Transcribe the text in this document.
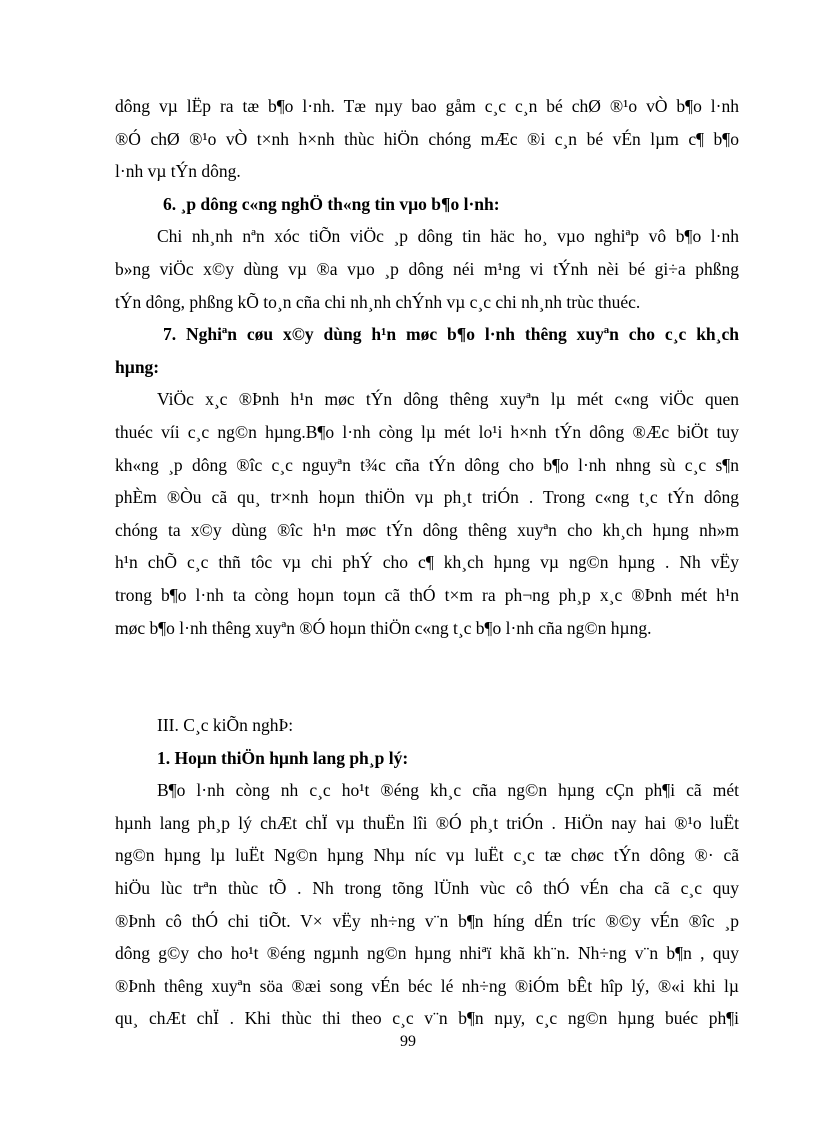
dông vµ lËp ra tæ b¶o l·nh. Tæ nµy bao gåm c¸c c¸n bé chØ ®¹o vÒ b¶o l·nh
®Ó chØ ®¹o vÒ t×nh h×nh thùc hiÖn chóng mÆc ®i c¸n bé vÉn lµm c¶ b¶o
l·nh vµ tÝn dông.

6. ¸p dông c«ng nghÖ th«ng tin vµo b¶o l·nh:

Chi nh¸nh nªn xóc tiÕn viÖc ¸p dông tin häc ho¸ vµo nghiªp vô b¶o l·nh
b»ng viÖc x©y dùng vµ ®a vµo ¸p dông néi m¹ng vi tÝnh nèi bé gi÷a phßng
tÝn dông, phßng kÕ to¸n cña chi nh¸nh chÝnh vµ c¸c chi nh¸nh trùc thuéc.

7. Nghiªn cøu x©y dùng h¹n møc b¶o l·nh thêng xuyªn cho c¸c kh¸ch
hµng:

ViÖc x¸c ®Þnh h¹n møc tÝn dông thêng xuyªn lµ mét c«ng viÖc quen
thuéc víi c¸c ng©n hµng.B¶o l·nh còng lµ mét lo¹i h×nh tÝn dông ®Æc biÖt tuy
kh«ng ¸p dông ®îc c¸c nguyªn t¾c cña tÝn dông cho b¶o l·nh nhng sù c¸c s¶n
phÈm ®Òu cã qu¸ tr×nh hoµn thiÖn vµ ph¸t triÓn . Trong c«ng t¸c tÝn dông
chóng ta x©y dùng ®îc h¹n møc tÝn dông thêng xuyªn cho kh¸ch hµng nh»m
h¹n chÕ c¸c thñ tôc vµ chi phÝ cho c¶ kh¸ch hµng vµ ng©n hµng . Nh vËy
trong b¶o l·nh ta còng hoµn toµn cã thÓ t×m ra ph¬ng ph¸p x¸c ®Þnh mét h¹n
møc b¶o l·nh thêng xuyªn ®Ó hoµn thiÖn c«ng t¸c b¶o l·nh cña ng©n hµng.

III. C¸c kiÕn nghÞ:

1. Hoµn thiÖn hµnh lang ph¸p lý:

B¶o l·nh còng nh c¸c ho¹t ®éng kh¸c cña ng©n hµng cÇn ph¶i cã mét
hµnh lang ph¸p lý chÆt chÏ vµ thuËn lîi ®Ó ph¸t triÓn . HiÖn nay hai ®¹o luËt
ng©n hµng lµ luËt Ng©n hµng Nhµ níc vµ luËt c¸c tæ chøc tÝn dông ®· cã
hiÖu lùc trªn thùc tÕ . Nh trong tõng lÜnh vùc cô thÓ vÉn cha cã c¸c quy
®Þnh cô thÓ chi tiÕt. V× vËy nh÷ng v¨n b¶n híng dÉn tríc ®©y vÉn ®îc ¸p
dông g©y cho ho¹t ®éng ngµnh ng©n hµng nhiªï khã kh¨n. Nh÷ng v¨n b¶n , quy
®Þnh thêng xuyªn söa ®æi song vÉn béc lé nh÷ng ®iÓm bÊt hîp lý, ®«i khi lµ
qu¸ chÆt chÏ . Khi thùc thi theo c¸c v¨n b¶n nµy, c¸c ng©n hµng buéc ph¶i

99
